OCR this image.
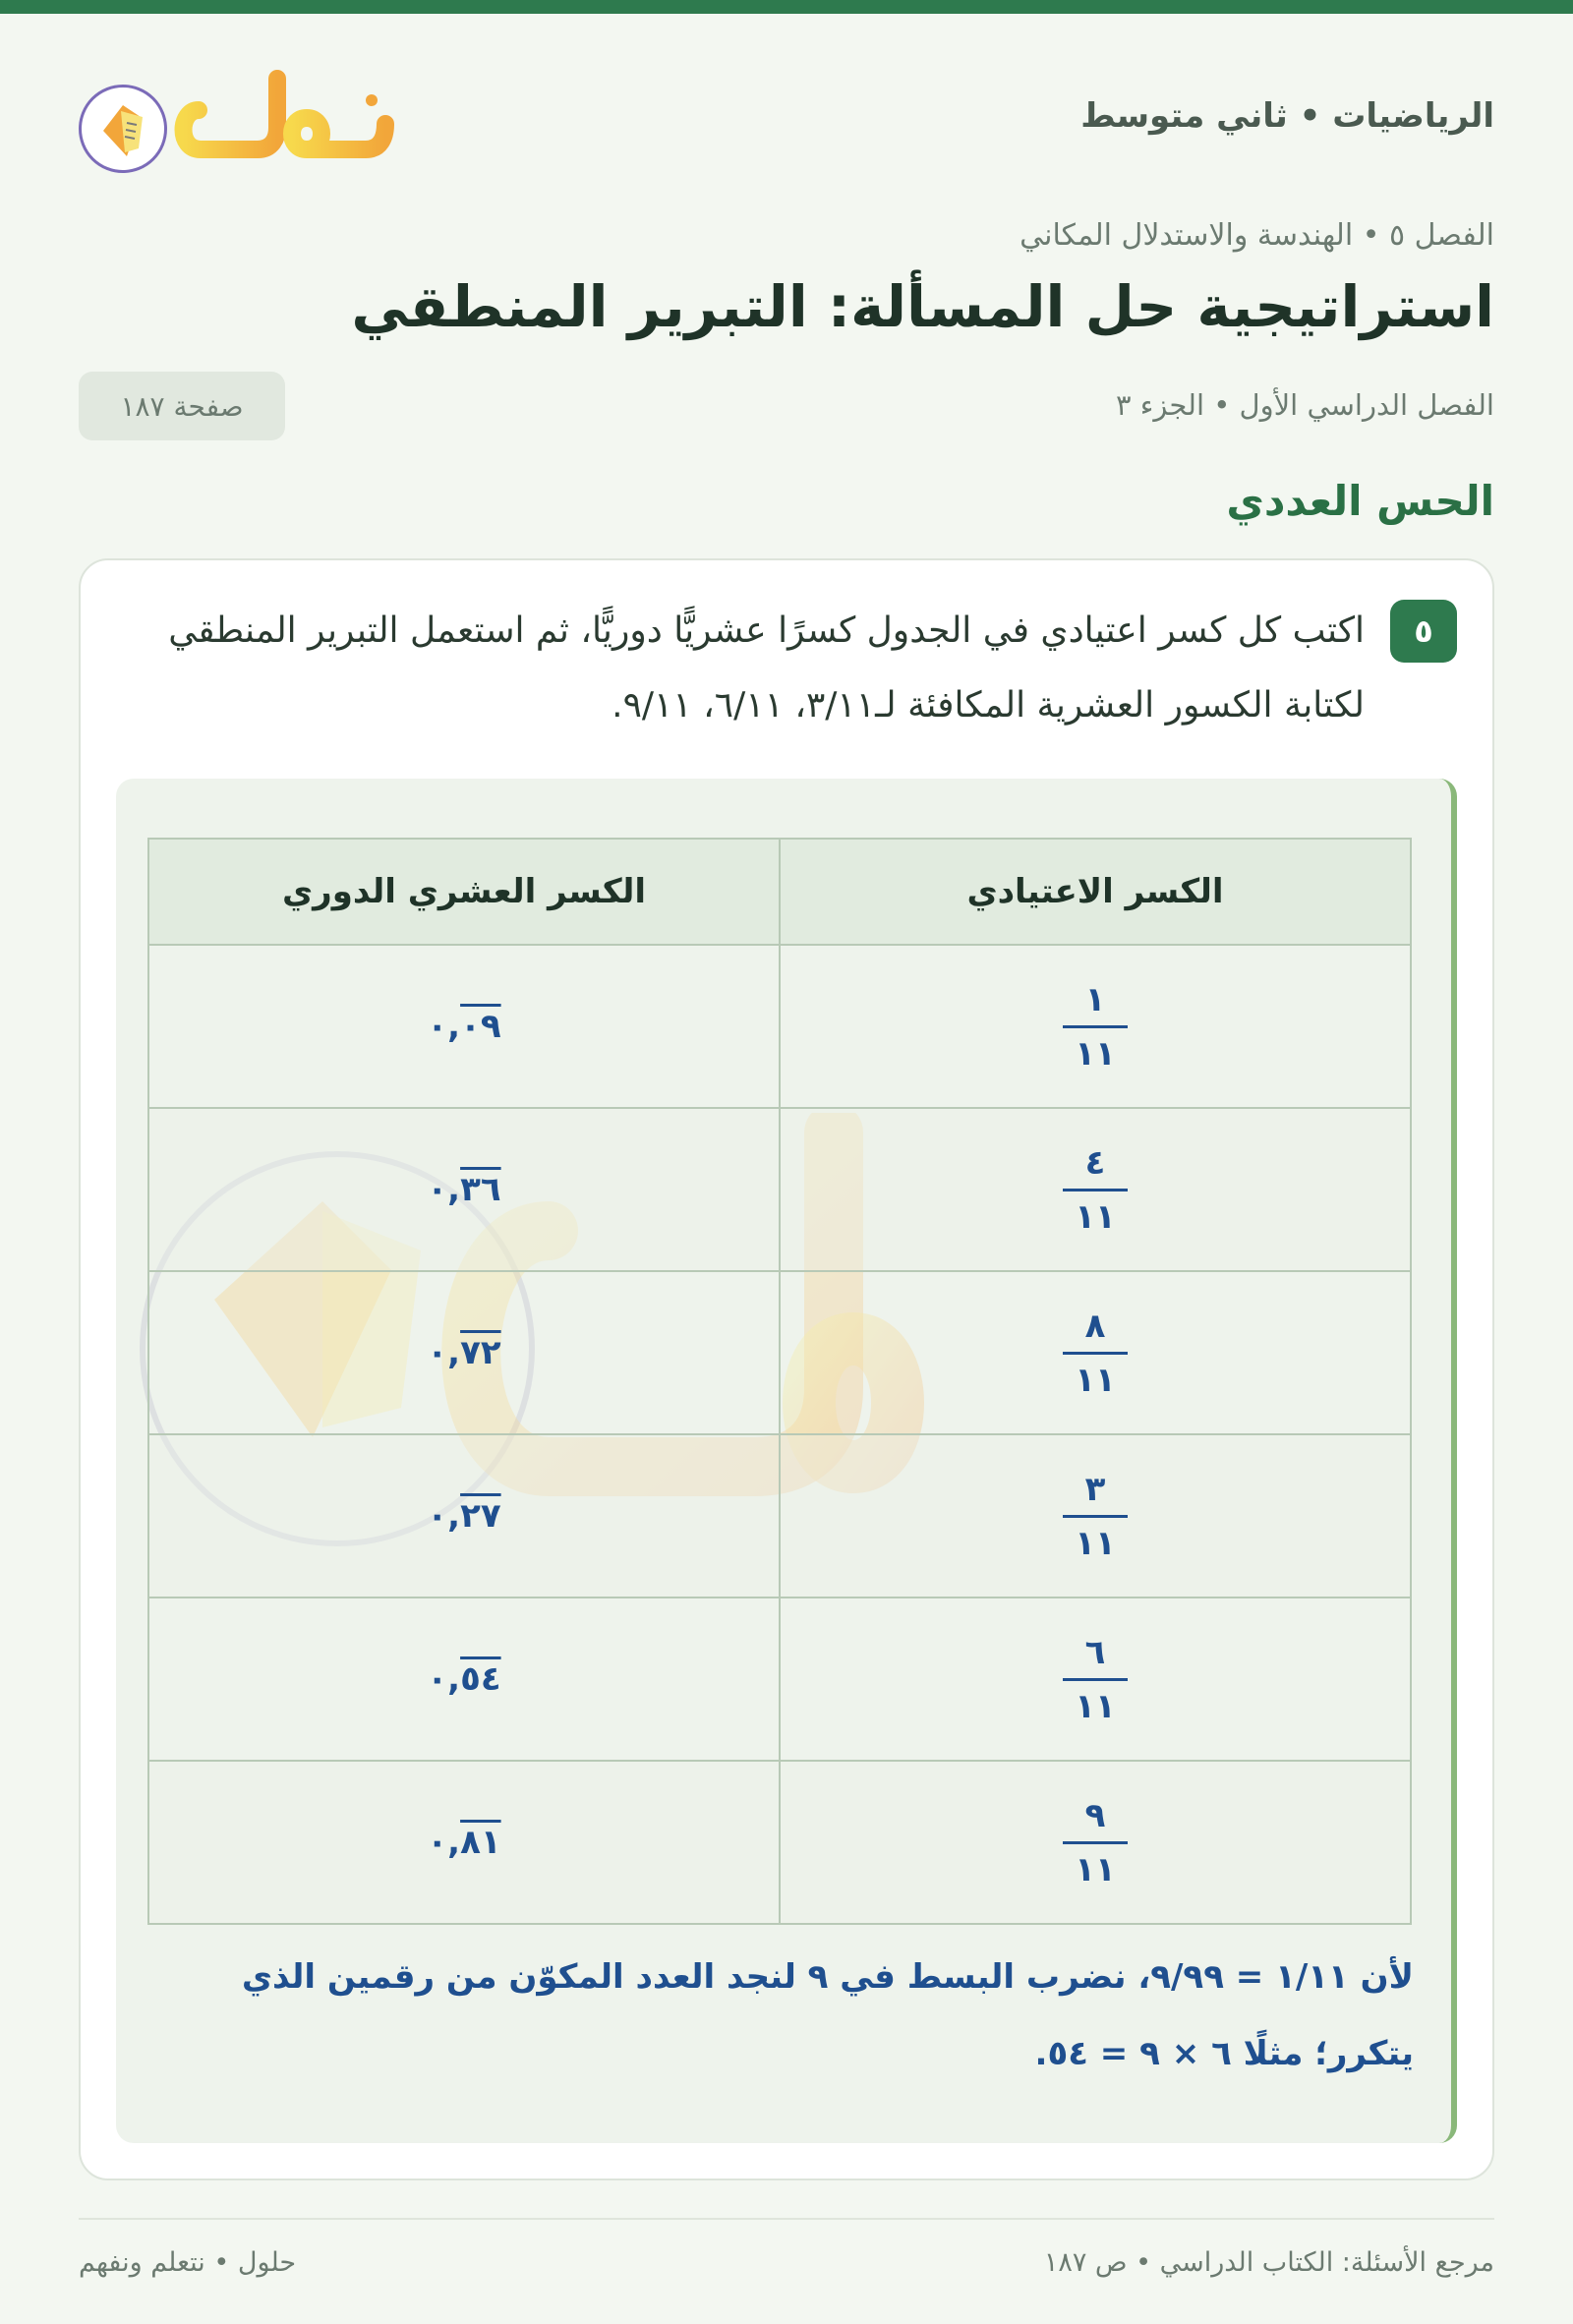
الرياضيات • ثاني متوسط
الفصل ٥ • الهندسة والاستدلال المكاني
استراتيجية حل المسألة: التبرير المنطقي
الفصل الدراسي الأول • الجزء ٣
صفحة ١٨٧
الحس العددي
٥

اكتب كل كسر اعتيادي في الجدول كسرًا عشريًّا دوريًّا، ثم استعمل التبرير المنطقي لكتابة الكسور العشرية المكافئة لـ٣/١١، ٦/١١، ٩/١١.

الكسر الاعتيادي	الكسر العشري الدوري

$\frac{١}{١١}$	٠,٠٩

$\frac{٤}{١١}$	٠,٣٦

$\frac{٨}{١١}$	٠,٧٢

$\frac{٣}{١١}$	٠,٢٧

$\frac{٦}{١١}$	٠,٥٤

$\frac{٩}{١١}$	٠,٨١

لأن ١/١١ = ٩/٩٩، نضرب البسط في ٩ لنجد العدد المكوّن من رقمين الذي يتكرر؛ مثلًا ٦ × ٩ = ٥٤.

مرجع الأسئلة: الكتاب الدراسي • ص ١٨٧
حلول • نتعلم ونفهم
